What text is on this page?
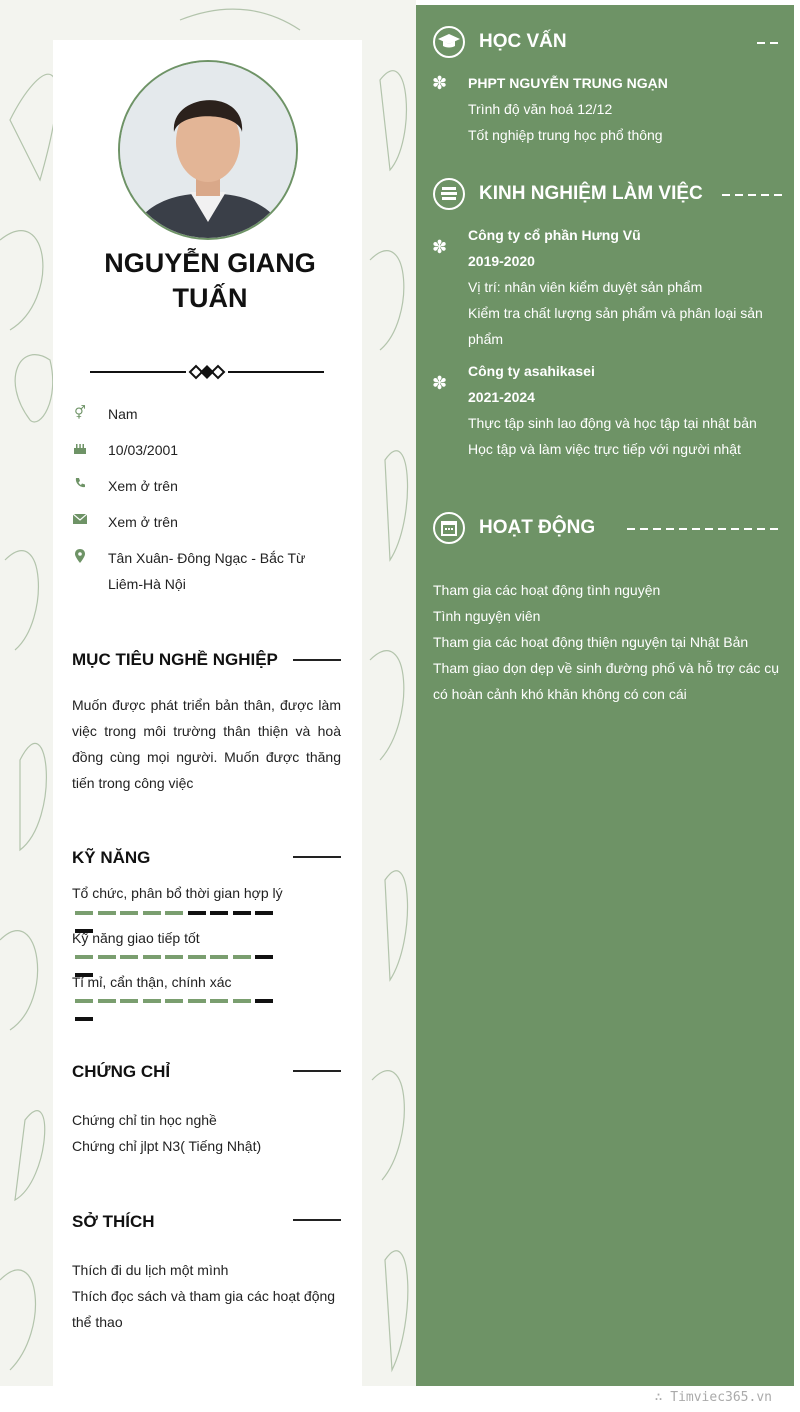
NGUYỄN GIANG
TUẤN
⚥ Nam
10/03/2001
Xem ở trên
Xem ở trên
Tân Xuân- Đông Ngạc - Bắc Từ
Liêm-Hà Nội
MỤC TIÊU NGHỀ NGHIỆP
Muốn được phát triển bản thân, được làm việc trong môi trường thân thiện và hoà đồng cùng mọi người. Muốn được thăng tiến trong công việc
KỸ NĂNG
Tổ chức, phân bổ thời gian hợp lý
Kỹ năng giao tiếp tốt
Tỉ mỉ, cẩn thận, chính xác
CHỨNG CHỈ
Chứng chỉ tin học nghề
Chứng chỉ jlpt N3( Tiếng Nhật)
SỞ THÍCH
Thích đi du lịch một mình
Thích đọc sách và tham gia các hoạt động
thể thao
HỌC VẤN
✽ PHPT NGUYỄN TRUNG NGẠN
Trình độ văn hoá 12/12
Tốt nghiệp trung học phổ thông
KINH NGHIỆM LÀM VIỆC
✽
Công ty cổ phần Hưng Vũ
2019-2020
Vị trí: nhân viên kiểm duyệt sản phẩm
Kiểm tra chất lượng sản phẩm và phân loại sản
phẩm
✽
Công ty asahikasei
2021-2024
Thực tập sinh lao động và học tập tại nhật bản
Học tập và làm việc trực tiếp với người nhật
HOẠT ĐỘNG
Tham gia các hoạt động tình nguyện
Tình nguyện viên
Tham gia các hoạt động thiện nguyện tại Nhật Bản
Tham giao dọn dẹp về sinh đường phố và hỗ trợ các cụ
có hoàn cảnh khó khăn không có con cái
∴ Timviec365.vn
